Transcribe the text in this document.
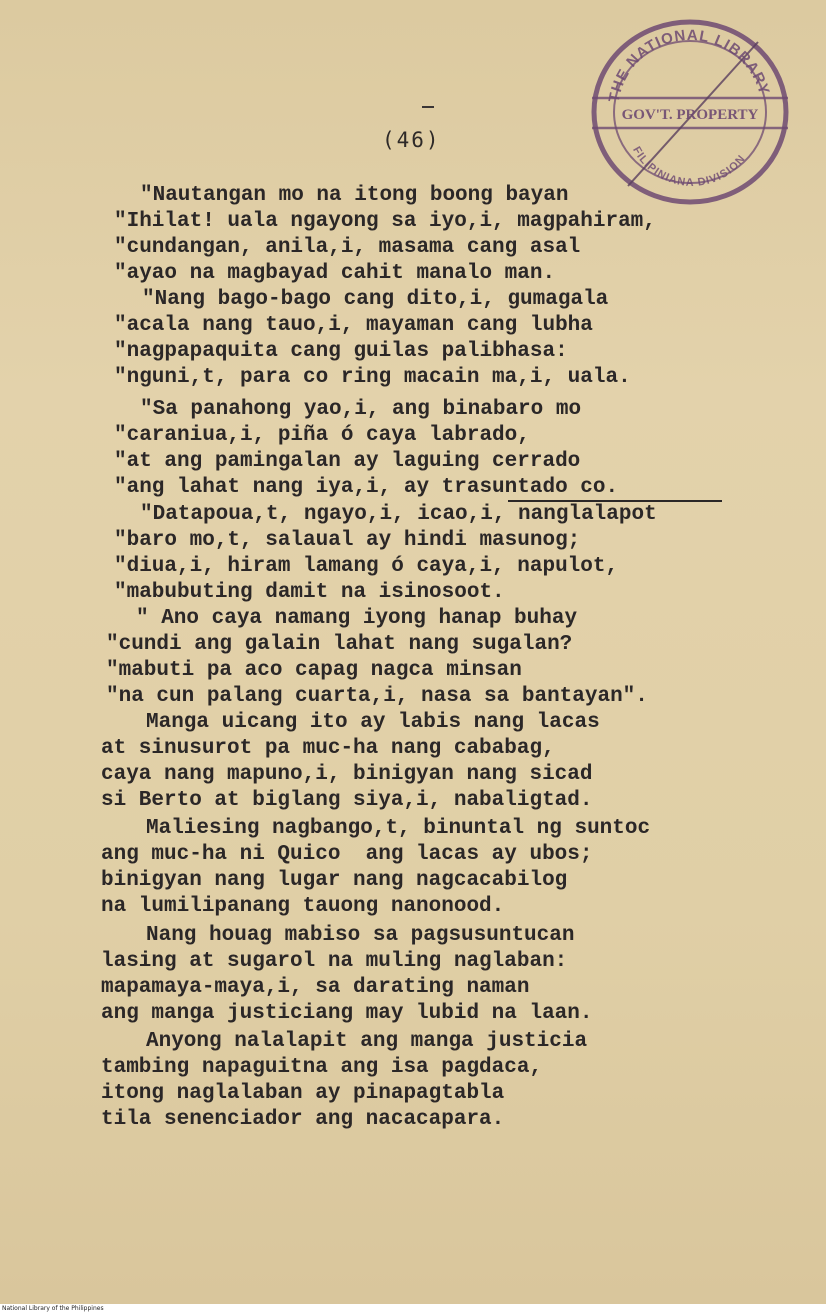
THE NATIONAL LIBRARY
GOV'T. PROPERTY
FILIPINIANA DIVISION
(46)
"Nautangan mo na itong boong bayan
"Ihilat! uala ngayong sa iyo,i, magpahiram,
"cundangan, anila,i, masama cang asal
"ayao na magbayad cahit manalo man.
"Nang bago-bago cang dito,i, gumagala
"acala nang tauo,i, mayaman cang lubha
"nagpapaquita cang guilas palibhasa:
"nguni,t, para co ring macain ma,i, uala.
"Sa panahong yao,i, ang binabaro mo
"caraniua,i, piña ó caya labrado,
"at ang pamingalan ay laguing cerrado
"ang lahat nang iya,i, ay trasuntado co.
"Datapoua,t, ngayo,i, icao,i, nanglalapot
"baro mo,t, salaual ay hindi masunog;
"diua,i, hiram lamang ó caya,i, napulot,
"mabubuting damit na isinosoot.
" Ano caya namang iyong hanap buhay
"cundi ang galain lahat nang sugalan?
"mabuti pa aco capag nagca minsan
"na cun palang cuarta,i, nasa sa bantayan".
Manga uicang ito ay labis nang lacas
at sinusurot pa muc-ha nang cababag,
caya nang mapuno,i, binigyan nang sicad
si Berto at biglang siya,i, nabaligtad.
Maliesing nagbango,t, binuntal ng suntoc
ang muc-ha ni Quico  ang lacas ay ubos;
binigyan nang lugar nang nagcacabilog
na lumilipanang tauong nanonood.
Nang houag mabiso sa pagsusuntucan
lasing at sugarol na muling naglaban:
mapamaya-maya,i, sa darating naman
ang manga justiciang may lubid na laan.
Anyong nalalapit ang manga justicia
tambing napaguitna ang isa pagdaca,
itong naglalaban ay pinapagtabla
tila senenciador ang nacacapara.
National Library of the Philippines
